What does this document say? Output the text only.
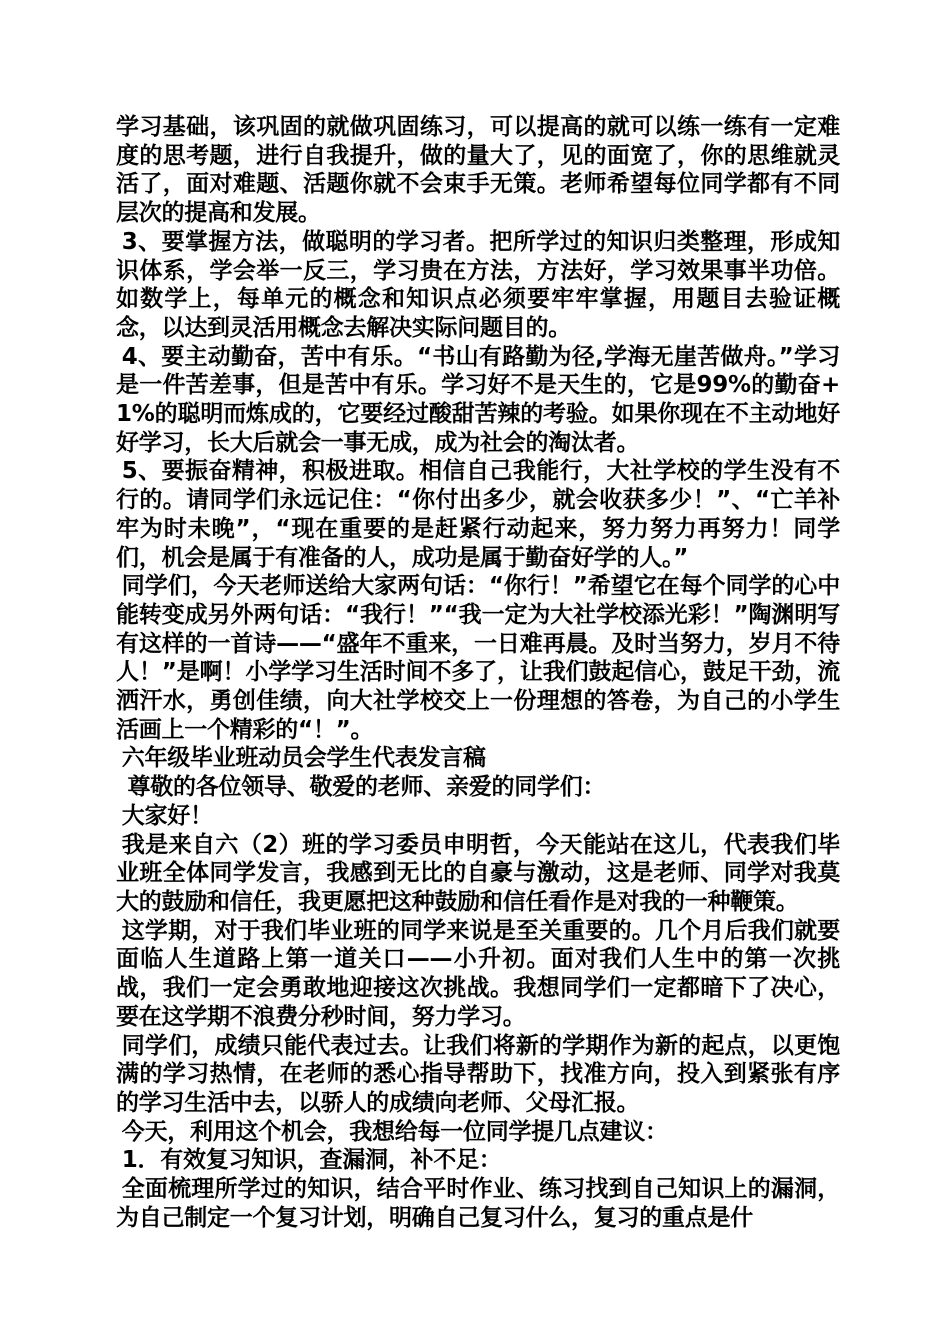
学习基础，该巩固的就做巩固练习，可以提高的就可以练一练有一定难度的思考题，进行自我提升，做的量大了，见的面宽了，你的思维就灵活了，面对难题、活题你就不会束手无策。老师希望每位同学都有不同层次的提高和发展。

3、要掌握方法，做聪明的学习者。把所学过的知识归类整理，形成知识体系，学会举一反三，学习贵在方法，方法好，学习效果事半功倍。如数学上，每单元的概念和知识点必须要牢牢掌握，用题目去验证概念，以达到灵活用概念去解决实际问题目的。

4、要主动勤奋，苦中有乐。“书山有路勤为径,学海无崖苦做舟。”学习是一件苦差事，但是苦中有乐。学习好不是天生的，它是99%的勤奋+1%的聪明而炼成的，它要经过酸甜苦辣的考验。如果你现在不主动地好好学习，长大后就会一事无成，成为社会的淘汰者。

5、要振奋精神，积极进取。相信自己我能行，大社学校的学生没有不行的。请同学们永远记住：“你付出多少，就会收获多少！”、“亡羊补牢为时未晚”，“现在重要的是赶紧行动起来，努力努力再努力！同学们，机会是属于有准备的人，成功是属于勤奋好学的人。”

同学们，今天老师送给大家两句话：“你行！”希望它在每个同学的心中能转变成另外两句话：“我行！”“我一定为大社学校添光彩！”陶渊明写有这样的一首诗——“盛年不重来，一日难再晨。及时当努力，岁月不待人！”是啊！小学学习生活时间不多了，让我们鼓起信心，鼓足干劲，流洒汗水，勇创佳绩，向大社学校交上一份理想的答卷，为自己的小学生活画上一个精彩的“！”。

六年级毕业班动员会学生代表发言稿

尊敬的各位领导、敬爱的老师、亲爱的同学们：

大家好！

我是来自六（2）班的学习委员申明哲，今天能站在这儿，代表我们毕业班全体同学发言，我感到无比的自豪与激动，这是老师、同学对我莫大的鼓励和信任，我更愿把这种鼓励和信任看作是对我的一种鞭策。

这学期，对于我们毕业班的同学来说是至关重要的。几个月后我们就要面临人生道路上第一道关口——小升初。面对我们人生中的第一次挑战，我们一定会勇敢地迎接这次挑战。我想同学们一定都暗下了决心，要在这学期不浪费分秒时间，努力学习。

同学们，成绩只能代表过去。让我们将新的学期作为新的起点，以更饱满的学习热情，在老师的悉心指导帮助下，找准方向，投入到紧张有序的学习生活中去，以骄人的成绩向老师、父母汇报。

今天，利用这个机会，我想给每一位同学提几点建议：

1．有效复习知识，查漏洞，补不足：

全面梳理所学过的知识，结合平时作业、练习找到自己知识上的漏洞，为自己制定一个复习计划，明确自己复习什么，复习的重点是什
